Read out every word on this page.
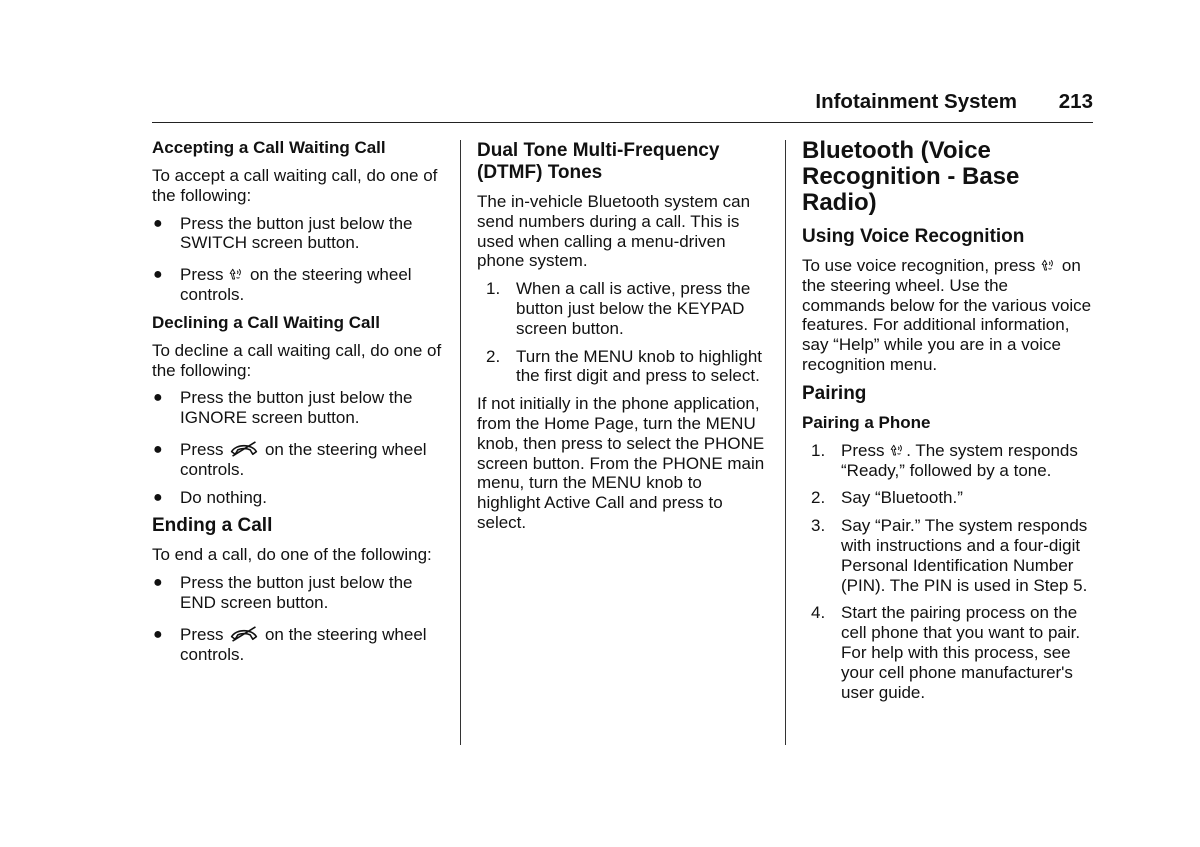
Infotainment System 213
Accepting a Call Waiting Call

To accept a call waiting call, do one of the following:

● Press the button just below the SWITCH screen button.
● Press on the steering wheel controls.
Declining a Call Waiting Call

To decline a call waiting call, do one of the following:

● Press the button just below the IGNORE screen button.
● Press on the steering wheel controls.
● Do nothing.
Ending a Call

To end a call, do one of the following:

● Press the button just below the END screen button.
● Press on the steering wheel controls.
Dual Tone Multi-Frequency (DTMF) Tones

The in-vehicle Bluetooth system can send numbers during a call. This is used when calling a menu-driven phone system.

1. When a call is active, press the button just below the KEYPAD screen button.
2. Turn the MENU knob to highlight the first digit and press to select.

If not initially in the phone application, from the Home Page, turn the MENU knob, then press to select the PHONE screen button. From the PHONE main menu, turn the MENU knob to highlight Active Call and press to select.

Bluetooth (Voice Recognition - Base Radio)
Using Voice Recognition

To use voice recognition, press on the steering wheel. Use the commands below for the various voice features. For additional information, say “Help” while you are in a voice recognition menu.

Pairing
Pairing a Phone
1. Press . The system responds “Ready,” followed by a tone.
2. Say “Bluetooth.”
3. Say “Pair.” The system responds with instructions and a four-digit Personal Identification Number (PIN). The PIN is used in Step 5.
4. Start the pairing process on the cell phone that you want to pair. For help with this process, see your cell phone manufacturer's user guide.
